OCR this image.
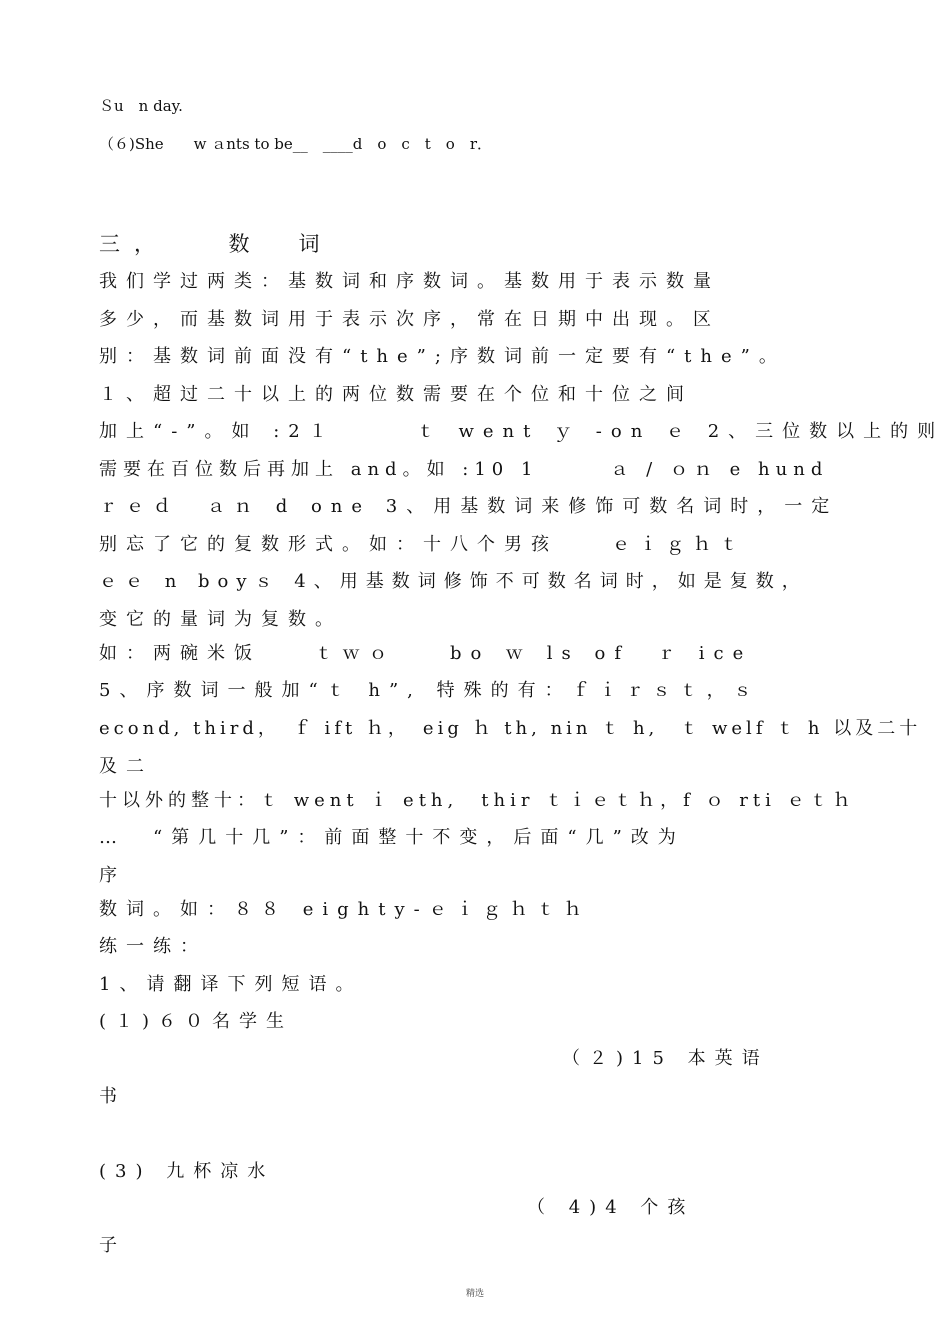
Ｓu　n day.
（６)She　　w ａnts to be__　____d　o　c　t　o　r．
三，　　数　词
我们学过两类：基数词和序数词。基数用于表示数量
多少，而基数词用于表示次序，常在日期中出现。区
别：基数词前面没有“the”;序数词前一定要有“the”。
１、超过二十以上的两位数需要在个位和十位之间
加上“-”。如 :2１　　　ｔ went ｙ -on ｅ 2、三位数以上的则
需要在百位数后再加上 and。如 :10 1　　　ａ / ｏｎ e hund
ｒｅｄ　ａｎ d one 3、用基数词来修饰可数名词时，一定
别忘了它的复数形式。如：十八个男孩　　ｅｉｇｈｔ
ｅｅ n boyｓ 4、用基数词修饰不可数名词时，如是复数，
变它的量词为复数。
如：两碗米饭　　ｔｗｏ　　bo ｗ ls of　ｒ ice
5、序数词一般加“ｔ h”, 特殊的有：ｆｉｒｓｔ，ｓ
econd, third，　ｆ ift ｈ，　eig ｈ th, nin ｔ h,　ｔ welf ｔ h 以及二十
及二
十以外的整十：ｔ went ｉ eth,　thir ｔｉｅｔｈ，f ｏ rti ｅｔｈ
…　“第几十几”：前面整十不变，后面“几”改为
序
数词。如：８８ eighty-ｅｉｇｈｔｈ
练一练：
1、请翻译下列短语。
(１)６０名学生
（２)15 本英语
书
(3) 九杯凉水
（ 4)4 个孩
子
精选
